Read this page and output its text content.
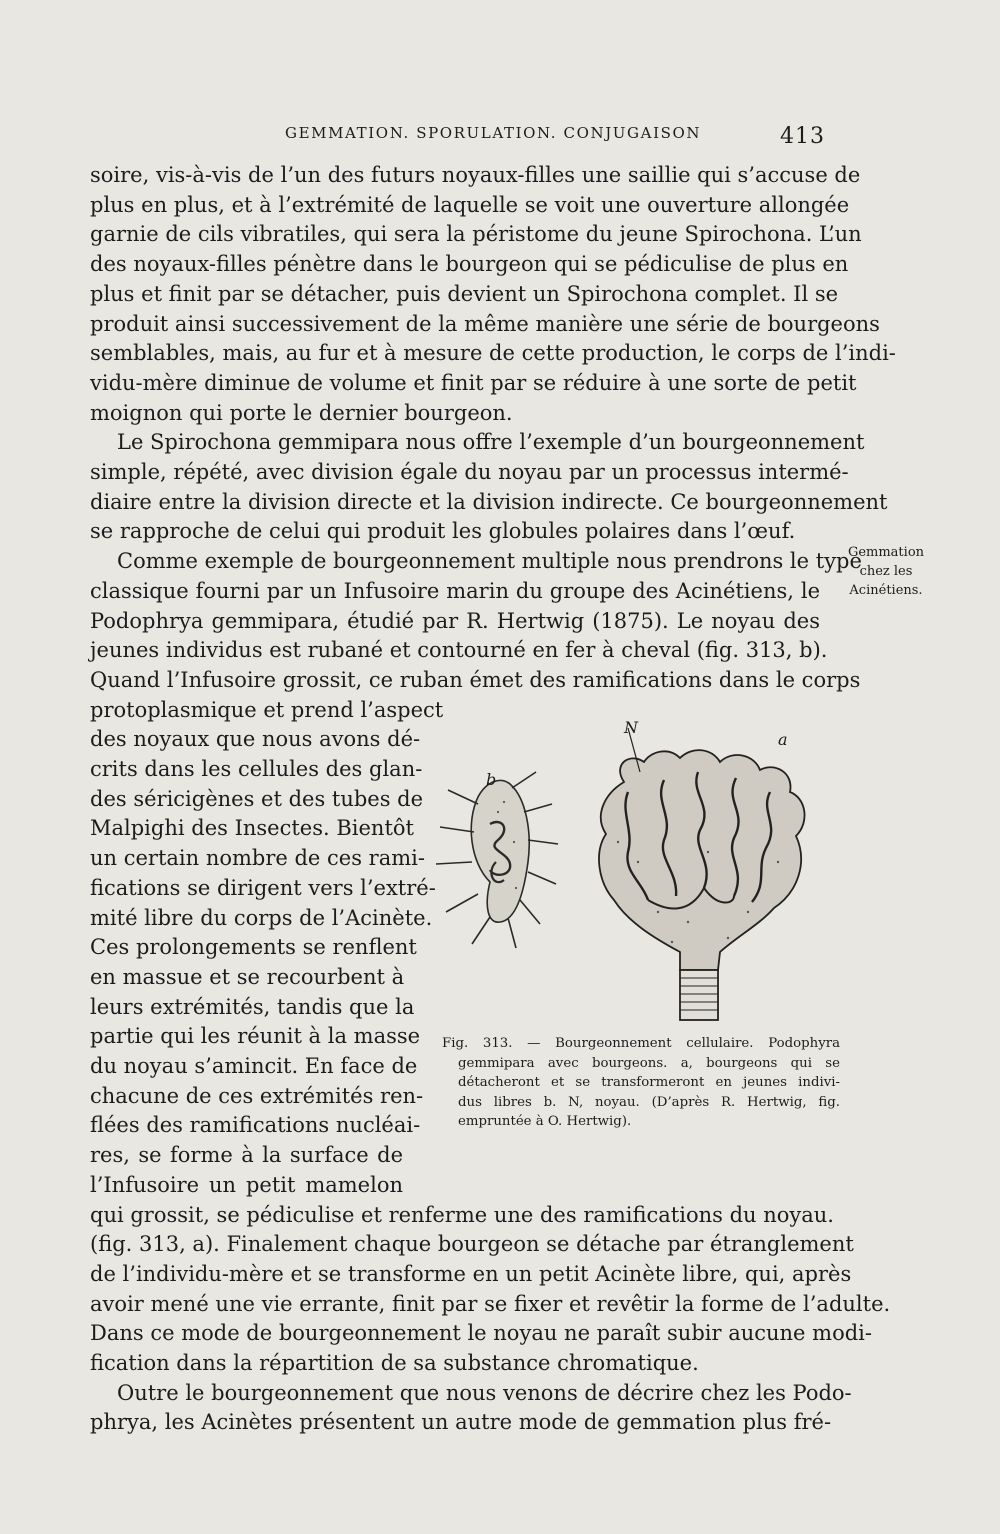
GEMMATION. SPORULATION. CONJUGAISON	413
soire, vis-à-vis de l’un des futurs noyaux-filles une saillie qui s’accuse de
plus en plus, et à l’extrémité de laquelle se voit une ouverture allongée
garnie de cils vibratiles, qui sera la péristome du jeune Spirochona. L’un
des noyaux-filles pénètre dans le bourgeon qui se pédiculise de plus en
plus et finit par se détacher, puis devient un Spirochona complet. Il se
produit ainsi successivement de la même manière une série de bourgeons
semblables, mais, au fur et à mesure de cette production, le corps de l’indi-
vidu-mère diminue de volume et finit par se réduire à une sorte de petit
moignon qui porte le dernier bourgeon.
Le Spirochona gemmipara nous offre l’exemple d’un bourgeonnement
simple, répété, avec division égale du noyau par un processus intermé-
diaire entre la division directe et la division indirecte. Ce bourgeonnement
se rapproche de celui qui produit les globules polaires dans l’œuf.
Comme exemple de bourgeonnement multiple nous prendrons le type
classique fourni par un Infusoire marin du groupe des Acinétiens, le
Podophrya gemmipara, étudié par R. Hertwig (1875). Le noyau des
jeunes individus est rubané et contourné en fer à cheval (fig. 313, b).
Quand l’Infusoire grossit, ce ruban émet des ramifications dans le corps
protoplasmique et prend l’aspect
des noyaux que nous avons dé-
crits dans les cellules des glan-
des séricigènes et des tubes de
Malpighi des Insectes. Bientôt
un certain nombre de ces rami-
fications se dirigent vers l’extré-
mité libre du corps de l’Acinète.
Ces prolongements se renflent
en massue et se recourbent à
leurs extrémités, tandis que la
partie qui les réunit à la masse
du noyau s’amincit. En face de
chacune de ces extrémités ren-
flées des ramifications nucléai-
res, se forme à la surface de
l’Infusoire un petit mamelon
qui grossit, se pédiculise et renferme une des ramifications du noyau.
(fig. 313, a). Finalement chaque bourgeon se détache par étranglement
de l’individu-mère et se transforme en un petit Acinète libre, qui, après
avoir mené une vie errante, finit par se fixer et revêtir la forme de l’adulte.
Dans ce mode de bourgeonnement le noyau ne paraît subir aucune modi-
fication dans la répartition de sa substance chromatique.
Outre le bourgeonnement que nous venons de décrire chez les Podo-
phrya, les Acinètes présentent un autre mode de gemmation plus fré-
Gemmation
chez les
Acinétiens.
b
N
a
Fig. 313. — Bourgeonnement cellulaire. Podophyra
gemmipara avec bourgeons. a, bourgeons qui se
détacheront et se transformeront en jeunes indivi-
dus libres b. N, noyau. (D’après R. Hertwig, fig.
empruntée à O. Hertwig).
